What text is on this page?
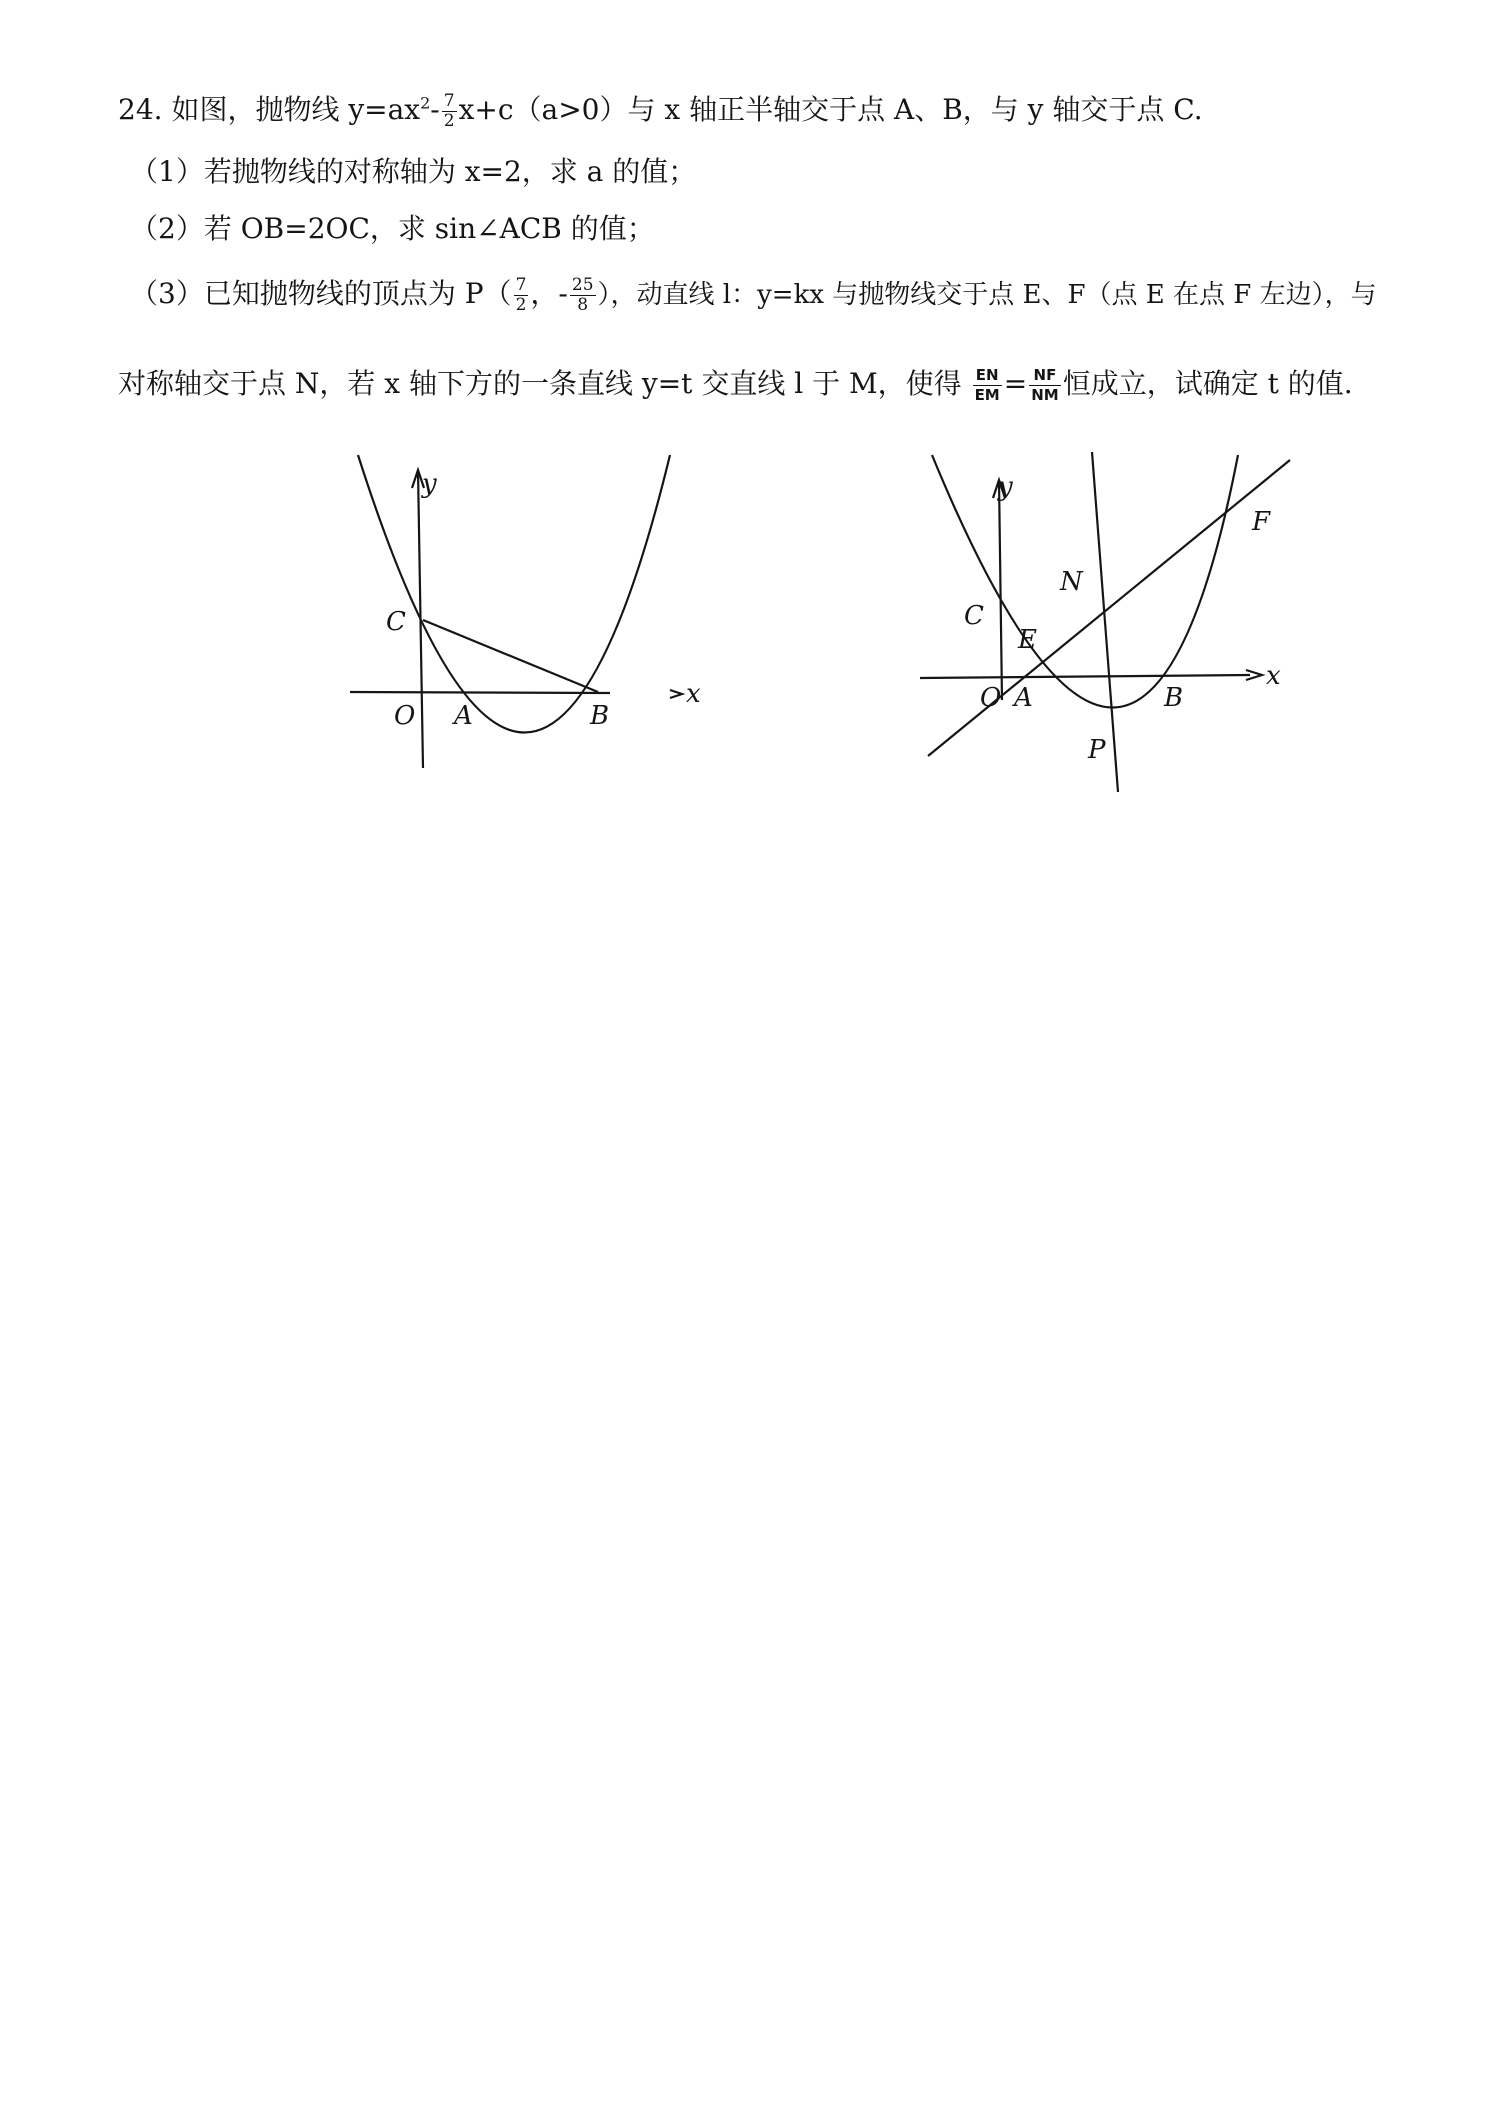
24. 如图，抛物线 $y=ax^2- \frac{7}{2} x+c(a>0)$与 x 轴正半轴交于点 A、B，与 y 轴交于点 C.
（1）若抛物线的对称轴为 x=2，求 a 的值；
（2）若 OB=2OC，求 sin∠ACB 的值；
（3）已知抛物线的顶点为 $P( \frac{7}{2}$ ，- $\frac{25}{8}$ ），动直线 l：y=kx 与抛物线交于点 E、F（点 E 在点 F 左边），与
对称轴交于点 N，若 x 轴下方的一条直线 y=t 交直线 l 于 M，使得 $\frac{EN}{EM} = \frac{NF}{NM}$ 恒成立，试确定 t 的值.
y
x
C
O A	B
y
x
C
E
N
F
O A	B
P
